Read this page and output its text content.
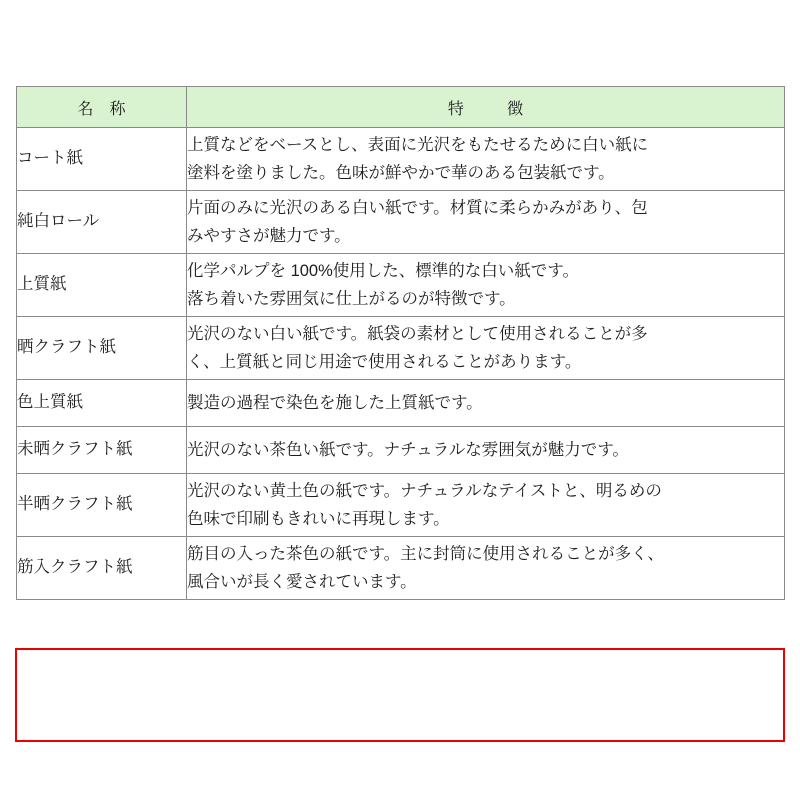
名　称	特　徴
コート紙	上質などをベースとし、表面に光沢をもたせるために白い紙に
塗料を塗りました。色味が鮮やかで華のある包装紙です。

純白ロール	片面のみに光沢のある白い紙です。材質に柔らかみがあり、包
みやすさが魅力です。

上質紙	化学パルプを 100%使用した、標準的な白い紙です。
落ち着いた雰囲気に仕上がるのが特徴です。

晒クラフト紙	光沢のない白い紙です。紙袋の素材として使用されることが多
く、上質紙と同じ用途で使用されることがあります。

色上質紙	製造の過程で染色を施した上質紙です。

未晒クラフト紙	光沢のない茶色い紙です。ナチュラルな雰囲気が魅力です。

半晒クラフト紙	光沢のない黄土色の紙です。ナチュラルなテイストと、明るめの
色味で印刷もきれいに再現します。

筋入クラフト紙	筋目の入った茶色の紙です。主に封筒に使用されることが多く、
風合いが長く愛されています。
